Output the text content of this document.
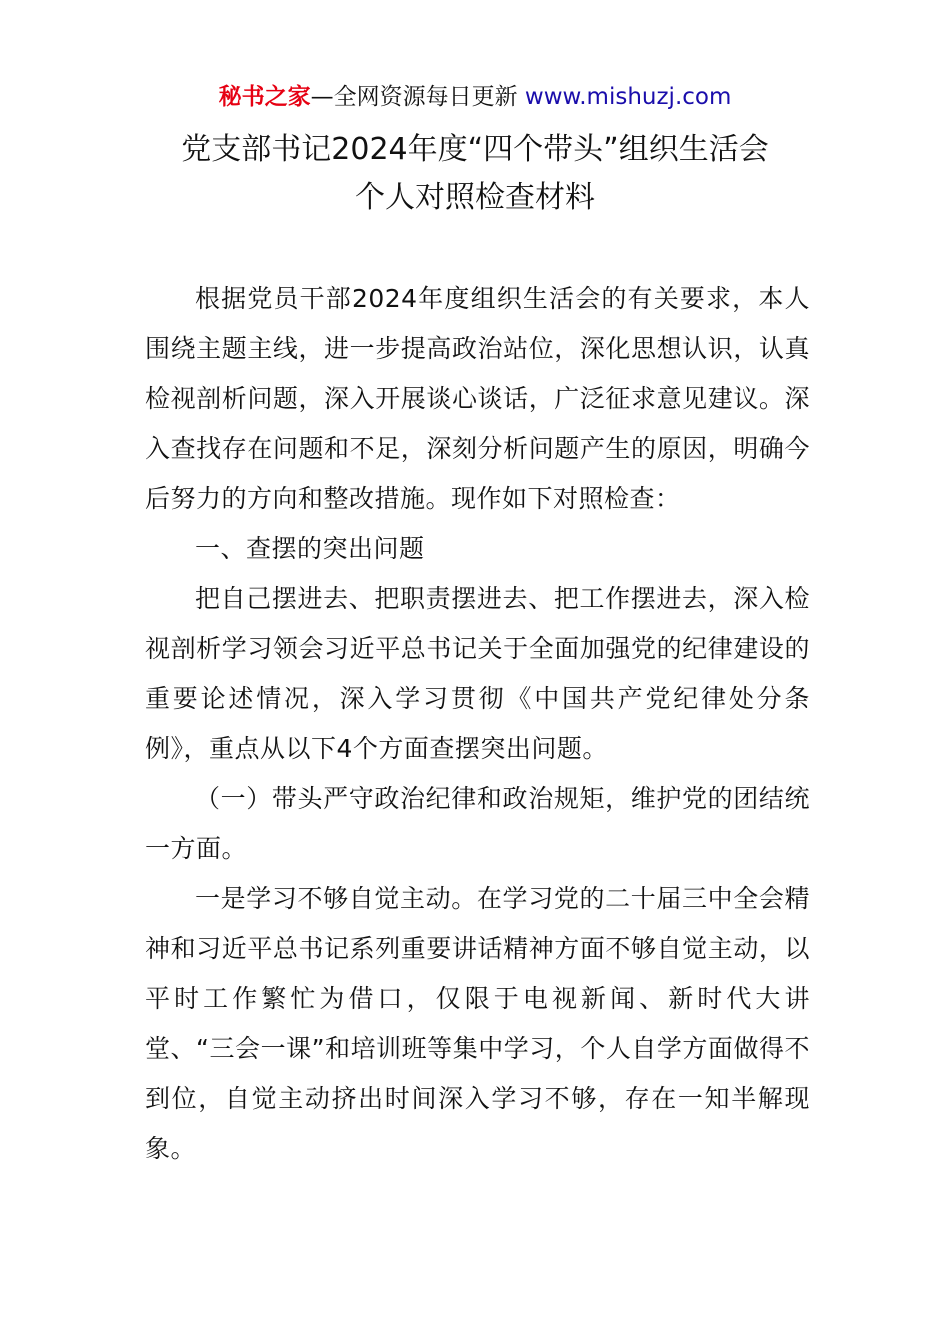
秘书之家—全网资源每日更新 www.mishuzj.com
党支部书记2024年度“四个带头”组织生活会
个人对照检查材料

根据党员干部2024年度组织生活会的有关要求，本人围绕主题主线，进一步提高政治站位，深化思想认识，认真检视剖析问题，深入开展谈心谈话，广泛征求意见建议。深入查找存在问题和不足，深刻分析问题产生的原因，明确今后努力的方向和整改措施。现作如下对照检查：

一、查摆的突出问题

把自己摆进去、把职责摆进去、把工作摆进去，深入检视剖析学习领会习近平总书记关于全面加强党的纪律建设的重要论述情况，深入学习贯彻《中国共产党纪律处分条例》，重点从以下4个方面查摆突出问题。

（一）带头严守政治纪律和政治规矩，维护党的团结统一方面。

一是学习不够自觉主动。在学习党的二十届三中全会精神和习近平总书记系列重要讲话精神方面不够自觉主动，以平时工作繁忙为借口，仅限于电视新闻、新时代大讲堂、“三会一课”和培训班等集中学习，个人自学方面做得不到位，自觉主动挤出时间深入学习不够，存在一知半解现象。
